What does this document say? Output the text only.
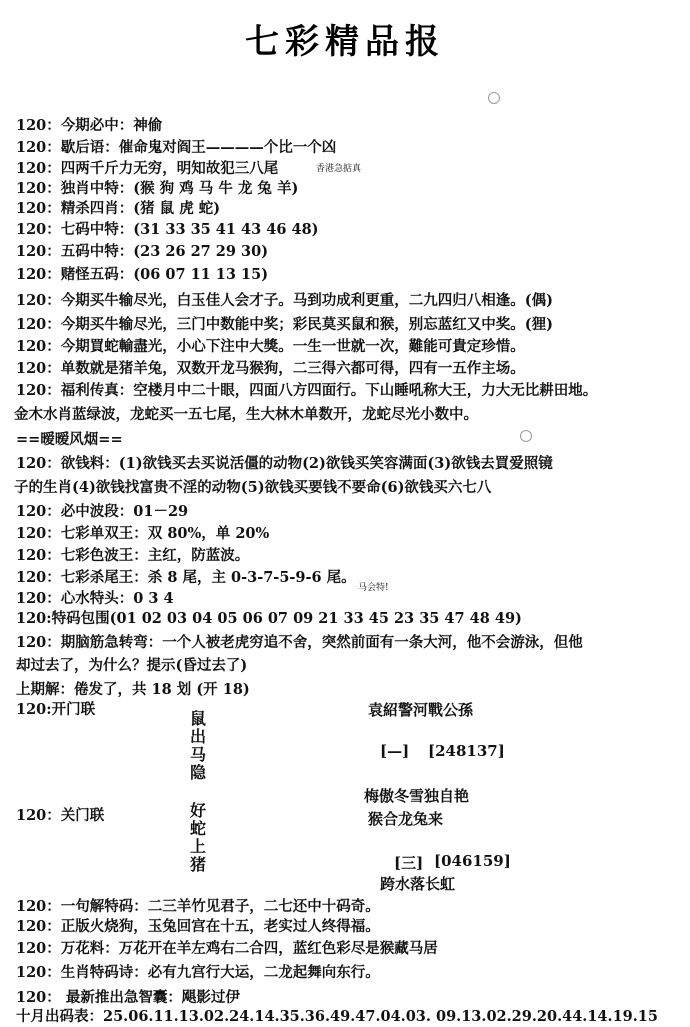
七彩精品报
120：今期必中：神偷
120：歇后语：催命鬼对阎王————个比一个凶
120：四两千斤力无穷，明知故犯三八尾
120：独肖中特：(猴 狗 鸡 马 牛 龙 兔 羊)
120：精杀四肖：(猪 鼠 虎 蛇)
120：七码中特：(31 33 35 41 43 46 48)
120：五码中特：(23 26 27 29 30)
120：赌怪五码：(06 07 11 13 15)
120：今期买牛输尽光，白玉佳人会才子。马到功成利更重，二九四归八相逢。(偶)
120：今期买牛输尽光，三门中数能中奖；彩民莫买鼠和猴，别忘蓝红又中奖。(狸)
120：今期買蛇輸盡光，小心下注中大獎。一生一世就一次，難能可貴定珍惜。
120：单数就是猪羊兔，双数开龙马猴狗，二三得六都可得，四有一五作主场。
120：福利传真：空楼月中二十眼，四面八方四面行。下山睡吼称大王，力大无比耕田地。
金木水肖蓝绿波，龙蛇买一五七尾，生大林木单数开，龙蛇尽光小数中。
==暧暧风烟==
120：欲钱料：(1)欲钱买去买说活僵的动物(2)欲钱买笑容满面(3)欲钱去買爱照镜
子的生肖(4)欲钱找富贵不淫的动物(5)欲钱买要钱不要命(6)欲钱买六七八
120：必中波段：01－29
120：七彩单双王：双 80%，单 20%
120：七彩色波王：主红，防蓝波。
120：七彩杀尾王：杀 8 尾，主 0-3-7-5-9-6 尾。
120：心水特头：0 3 4
120:特码包围(01 02 03 04 05 06 07 09 21 33 45 23 35 47 48 49)
120：期脑筋急转弯：一个人被老虎穷追不舍，突然前面有一条大河，他不会游泳，但他
却过去了，为什么？提示(昏过去了)
上期解：倦发了，共 18 划 (开 18)
120:开门联
120：关门联
120：一句解特码：二三羊竹见君子，二七还中十码奇。
120：正版火烧狗，玉兔回宫在十五，老实过人终得福。
120：万花料：万花开在羊左鸡右二合四，蓝红色彩尽是猴藏马居
120：生肖特码诗：必有九宫行大运，二龙起舞向东行。
120： 最新推出急智囊：飓影过伊
十月出码表：25.06.11.13.02.24.14.35.36.49.47.04.03. 09.13.02.29.20.44.14.19.15
香港急掂真
马会特!
鼠出马隐
袁紹警河戰公孫
[—] [248137]
好蛇上猪
梅傲冬雪独自艳
猴合龙兔来
[三] [046159]
跨水落长虹
